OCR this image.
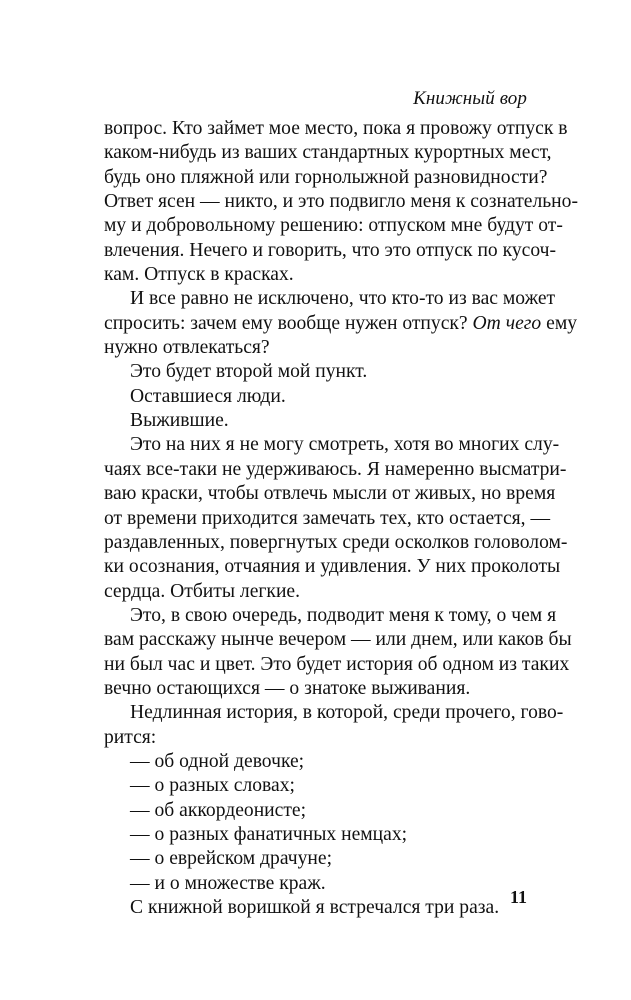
Книжный вор
вопрос. Кто займет мое место, пока я провожу отпуск в
каком-нибудь из ваших стандартных курортных мест,
будь оно пляжной или горнолыжной разновидности?
Ответ ясен — никто, и это подвигло меня к сознательно-
му и добровольному решению: отпуском мне будут от-
влечения. Нечего и говорить, что это отпуск по кусоч-
кам. Отпуск в красках.
И все равно не исключено, что кто-то из вас может
спросить: зачем ему вообще нужен отпуск? От чего ему
нужно отвлекаться?
Это будет второй мой пункт.
Оставшиеся люди.
Выжившие.
Это на них я не могу смотреть, хотя во многих слу-
чаях все-таки не удерживаюсь. Я намеренно высматри-
ваю краски, чтобы отвлечь мысли от живых, но время
от времени приходится замечать тех, кто остается, —
раздавленных, повергнутых среди осколков головолом-
ки осознания, отчаяния и удивления. У них проколоты
сердца. Отбиты легкие.
Это, в свою очередь, подводит меня к тому, о чем я
вам расскажу нынче вечером — или днем, или каков бы
ни был час и цвет. Это будет история об одном из таких
вечно остающихся — о знатоке выживания.
Недлинная история, в которой, среди прочего, гово-
рится:
— об одной девочке;
— о разных словах;
— об аккордеонисте;
— о разных фанатичных немцах;
— о еврейском драчуне;
— и о множестве краж.
С книжной воришкой я встречался три раза. 11
